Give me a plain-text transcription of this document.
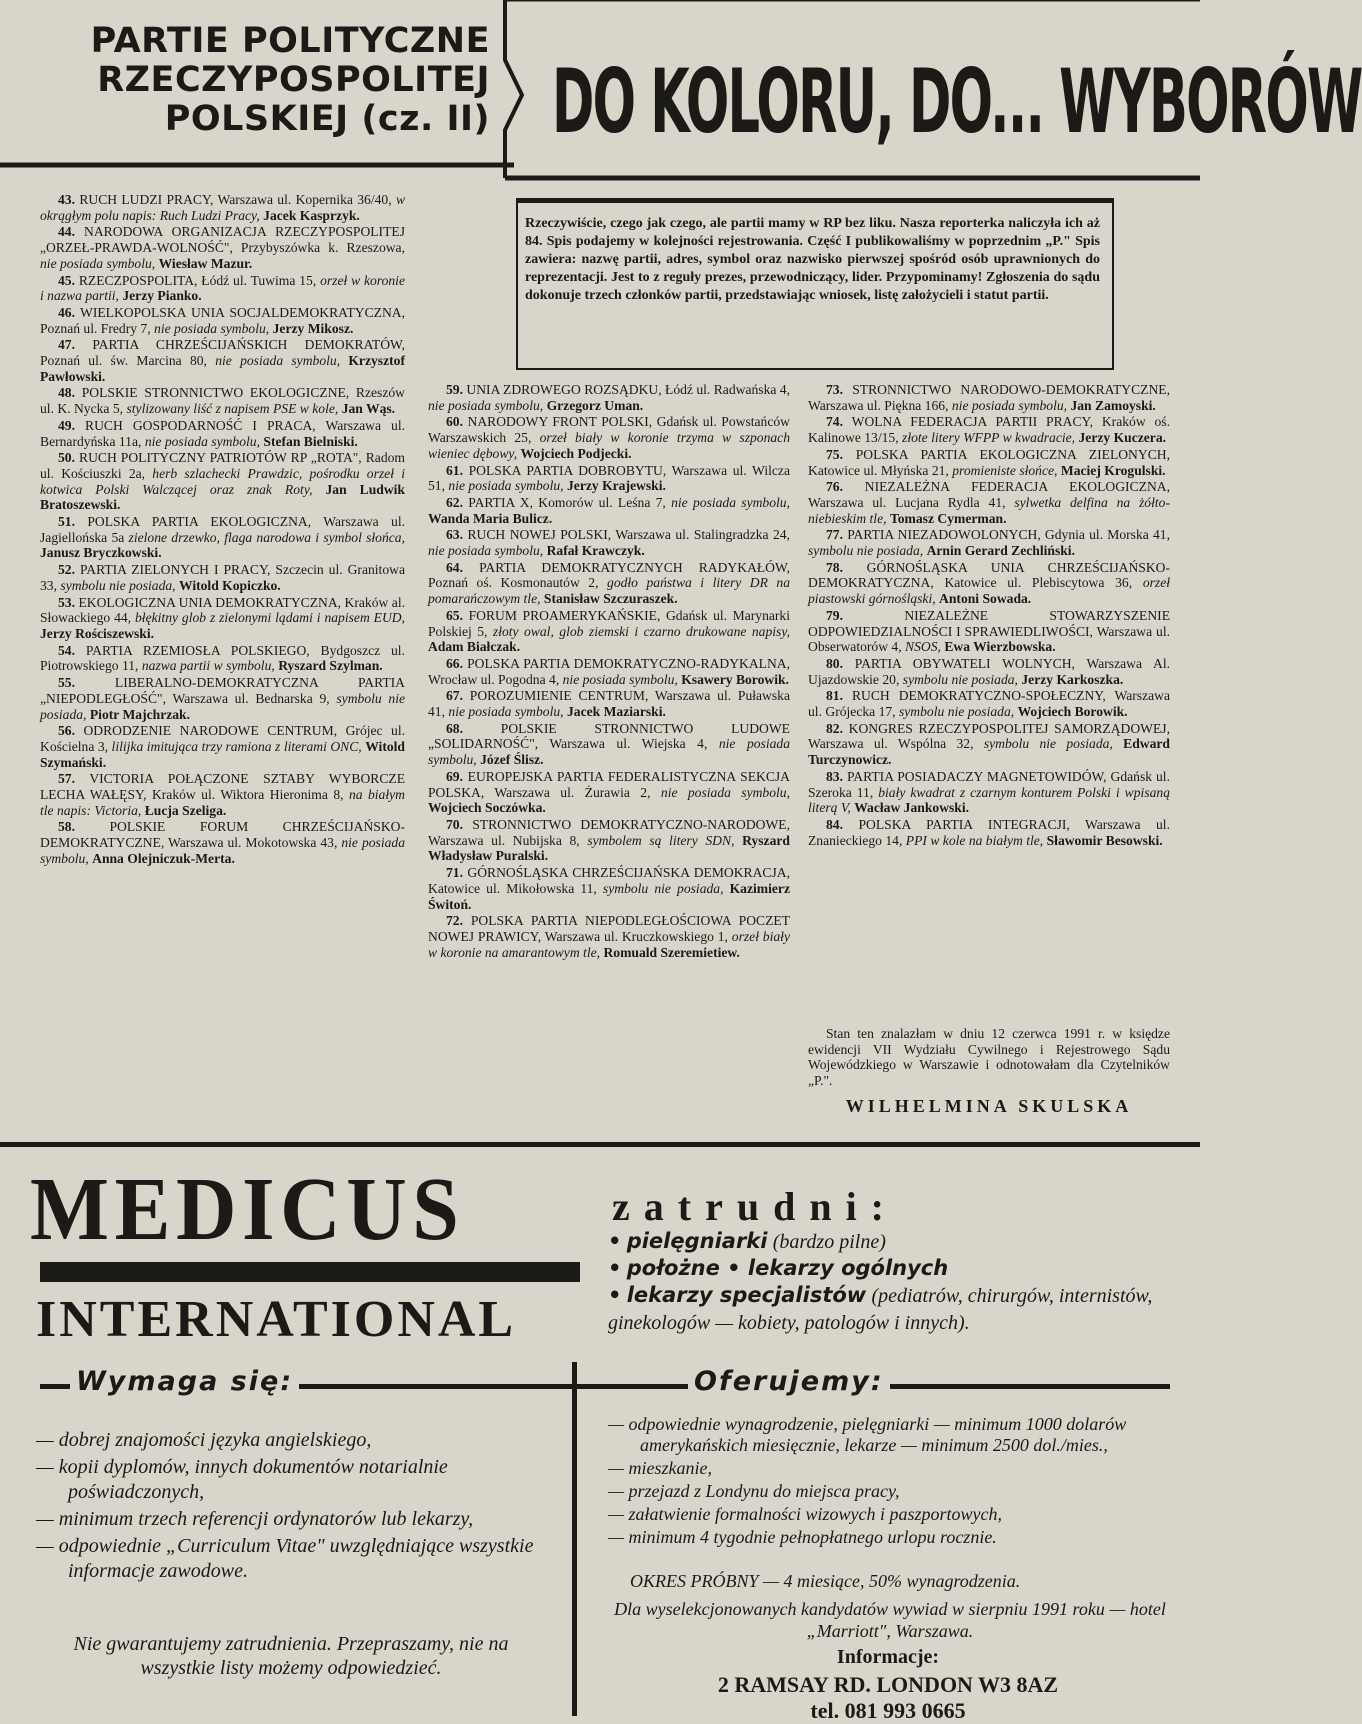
PARTIE POLITYCZNE
RZECZYPOSPOLITEJ
POLSKIEJ (cz. II) DO KOLORU, DO... WYBORÓW
Rzeczywiście, czego jak czego, ale partii mamy w RP bez liku. Nasza reporterka naliczyła ich aż 84. Spis podajemy w kolejności rejestrowania. Część I publikowaliśmy w poprzednim „P." Spis zawiera: nazwę partii, adres, symbol oraz nazwisko pierwszej spośród osób uprawnionych do reprezentacji. Jest to z reguły prezes, przewodniczący, lider. Przypominamy! Zgłoszenia do sądu dokonuje trzech członków partii, przedstawiając wniosek, listę założycieli i statut partii.

43. RUCH LUDZI PRACY, Warszawa ul. Kopernika 36/40, w okrągłym polu napis: Ruch Ludzi Pracy, Jacek Kasprzyk.

44. NARODOWA ORGANIZACJA RZECZYPOSPOLITEJ „ORZEŁ-PRAWDA-WOLNOŚĆ", Przybyszówka k. Rzeszowa, nie posiada symbolu, Wiesław Mazur.

45. RZECZPOSPOLITA, Łódź ul. Tuwima 15, orzeł w koronie i nazwa partii, Jerzy Pianko.

46. WIELKOPOLSKA UNIA SOCJALDEMOKRATYCZNA, Poznań ul. Fredry 7, nie posiada symbolu, Jerzy Mikosz.

47. PARTIA CHRZEŚCIJAŃSKICH DEMOKRATÓW, Poznań ul. św. Marcina 80, nie posiada symbolu, Krzysztof Pawłowski.

48. POLSKIE STRONNICTWO EKOLOGICZNE, Rzeszów ul. K. Nycka 5, stylizowany liść z napisem PSE w kole, Jan Wąs.

49. RUCH GOSPODARNOŚĆ I PRACA, Warszawa ul. Bernardyńska 11a, nie posiada symbolu, Stefan Bielniski.

50. RUCH POLITYCZNY PATRIOTÓW RP „ROTA", Radom ul. Kościuszki 2a, herb szlachecki Prawdzic, pośrodku orzeł i kotwica Polski Walczącej oraz znak Roty, Jan Ludwik Bratoszewski.

51. POLSKA PARTIA EKOLOGICZNA, Warszawa ul. Jagiellońska 5a zielone drzewko, flaga narodowa i symbol słońca, Janusz Bryczkowski.

52. PARTIA ZIELONYCH I PRACY, Szczecin ul. Granitowa 33, symbolu nie posiada, Witold Kopiczko.

53. EKOLOGICZNA UNIA DEMOKRATYCZNA, Kraków al. Słowackiego 44, błękitny glob z zielonymi lądami i napisem EUD, Jerzy Rościszewski.

54. PARTIA RZEMIOSŁA POLSKIEGO, Bydgoszcz ul. Piotrowskiego 11, nazwa partii w symbolu, Ryszard Szylman.

55.	LIBERALNO-DEMOKRATYCZNA PARTIA „NIEPODLEGŁOŚĆ", Warszawa ul. Bednarska 9, symbolu nie posiada, Piotr Majchrzak.

56. ODRODZENIE NARODOWE CENTRUM, Grójec ul. Kościelna 3, lilijka imitująca trzy ramiona z literami ONC, Witold Szymański.

57. VICTORIA POŁĄCZONE SZTABY WYBORCZE LECHA WAŁĘSY, Kraków ul. Wiktora Hieronima 8, na białym tle napis: Victoria, Łucja Szeliga.

58.	POLSKIE FORUM CHRZEŚCIJAŃSKO-DEMOKRATYCZNE, Warszawa ul. Mokotowska 43, nie posiada symbolu, Anna Olejniczuk-Merta.

59. UNIA ZDROWEGO ROZSĄDKU, Łódź ul. Radwańska 4, nie posiada symbolu, Grzegorz Uman.

60. NARODOWY FRONT POLSKI, Gdańsk ul. Powstańców Warszawskich 25, orzeł biały w koronie trzyma w szponach wieniec dębowy, Wojciech Podjecki.

61. POLSKA PARTIA DOBROBYTU, Warszawa ul. Wilcza 51, nie posiada symbolu, Jerzy Krajewski.

62. PARTIA X, Komorów ul. Leśna 7, nie posiada symbolu, Wanda Maria Bulicz.

63. RUCH NOWEJ POLSKI, Warszawa ul. Stalingradzka 24, nie posiada symbolu, Rafał Krawczyk.

64. PARTIA DEMOKRATYCZNYCH RADYKAŁÓW, Poznań oś. Kosmonautów 2, godło państwa i litery DR na pomarańczowym tle, Stanisław Szczuraszek.

65. FORUM PROAMERYKAŃSKIE, Gdańsk ul. Marynarki Polskiej 5, złoty owal, glob ziemski i czarno drukowane napisy, Adam Białczak.

66. POLSKA PARTIA DEMOKRATYCZNO-RADYKALNA, Wrocław ul. Pogodna 4, nie posiada symbolu, Ksawery Borowik.

67. POROZUMIENIE CENTRUM, Warszawa ul. Puławska 41, nie posiada symbolu, Jacek Maziarski.

68.	POLSKIE STRONNICTWO LUDOWE „SOLIDARNOŚĆ", Warszawa ul. Wiejska 4, nie posiada symbolu, Józef Ślisz.

69. EUROPEJSKA PARTIA FEDERALISTYCZNA SEKCJA POLSKA, Warszawa ul. Żurawia 2, nie posiada symbolu, Wojciech Soczówka.

70. STRONNICTWO DEMOKRATYCZNO-NARODOWE, Warszawa ul. Nubijska 8, symbolem są litery SDN, Ryszard Władysław Puralski.

71. GÓRNOŚLĄSKA CHRZEŚCIJAŃSKA DEMOKRACJA, Katowice ul. Mikołowska 11, symbolu nie posiada, Kazimierz Świtoń.

72. POLSKA PARTIA NIEPODLEGŁOŚCIOWA POCZET NOWEJ PRAWICY, Warszawa ul. Kruczkowskiego 1, orzeł biały w koronie na amarantowym tle, Romuald Szeremietiew.

73. STRONNICTWO NARODOWO-DEMOKRATYCZNE, Warszawa ul. Piękna 166, nie posiada symbolu, Jan Zamoyski.

74. WOLNA FEDERACJA PARTII PRACY, Kraków oś. Kalinowe 13/15, złote litery WFPP w kwadracie, Jerzy Kuczera.

75. POLSKA PARTIA EKOLOGICZNA ZIELONYCH, Katowice ul. Młyńska 21, promieniste słońce, Maciej Krogulski.

76. NIEZALEŻNA FEDERACJA EKOLOGICZNA, Warszawa ul. Lucjana Rydla 41, sylwetka delfina na żółto-niebieskim tle, Tomasz Cymerman.

77. PARTIA NIEZADOWOLONYCH, Gdynia ul. Morska 41, symbolu nie posiada, Arnin Gerard Zechliński.

78. GÓRNOŚLĄSKA UNIA CHRZEŚCIJAŃSKO-DEMOKRATYCZNA, Katowice ul. Plebiscytowa 36, orzeł piastowski górnośląski, Antoni Sowada.

79.	NIEZALEŻNE STOWARZYSZENIE ODPOWIEDZIALNOŚCI I SPRAWIEDLIWOŚCI, Warszawa ul. Obserwatorów 4, NSOS, Ewa Wierzbowska.

80. PARTIA OBYWATELI WOLNYCH, Warszawa Al. Ujazdowskie 20, symbolu nie posiada, Jerzy Karkoszka.

81. RUCH DEMOKRATYCZNO-SPOŁECZNY, Warszawa ul. Grójecka 17, symbolu nie posiada, Wojciech Borowik.

82. KONGRES RZECZYPOSPOLITEJ SAMORZĄDOWEJ, Warszawa ul. Wspólna 32, symbolu nie posiada, Edward Turczynowicz.

83. PARTIA POSIADACZY MAGNETOWIDÓW, Gdańsk ul. Szeroka 11, biały kwadrat z czarnym konturem Polski i wpisaną literą V, Wacław Jankowski.

84. POLSKA PARTIA INTEGRACJI, Warszawa ul. Znanieckiego 14, PPI w kole na białym tle, Sławomir Besowski.

Stan ten znalazłam w dniu 12 czerwca 1991 r. w księdze ewidencji VII Wydziału Cywilnego i Rejestrowego Sądu Wojewódzkiego w Warszawie i odnotowałam dla Czytelników „P.".

WILHELMINA SKULSKA
MEDICUS
INTERNATIONAL
zatrudni:
• pielęgniarki (bardzo pilne)
• położne • lekarzy ogólnych
• lekarzy specjalistów (pediatrów, chirurgów, internistów, ginekologów — kobiety, patologów i innych).
Wymaga się:	Oferujemy:
— dobrej znajomości języka angielskiego,
— kopii dyplomów, innych dokumentów notarialnie poświadczonych,
— minimum trzech referencji ordynatorów lub lekarzy,
— odpowiednie „Curriculum Vitae" uwzględniające wszystkie informacje zawodowe.
Nie gwarantujemy zatrudnienia. Przepraszamy, nie na wszystkie listy możemy odpowiedzieć.
— odpowiednie wynagrodzenie, pielęgniarki — minimum 1000 dolarów amerykańskich miesięcznie, lekarze — minimum 2500 dol./mies.,
— mieszkanie,
— przejazd z Londynu do miejsca pracy,
— załatwienie formalności wizowych i paszportowych,
— minimum 4 tygodnie pełnopłatnego urlopu rocznie.
OKRES PRÓBNY — 4 miesiące, 50% wynagrodzenia.
Dla wyselekcjonowanych kandydatów wywiad w sierpniu 1991 roku — hotel „Marriott", Warszawa.
Informacje:
2 RAMSAY RD. LONDON W3 8AZ
tel. 081 993 0665
